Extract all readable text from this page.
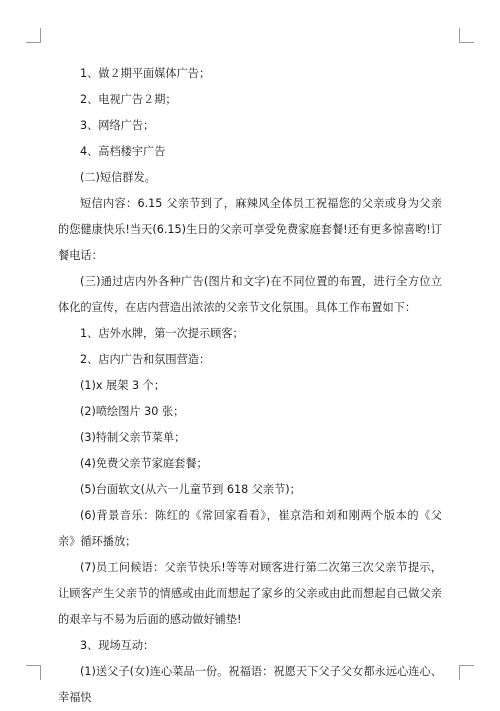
1、做２期平面媒体广告；

2、电视广告２期；

3、网络广告；

4、高档楼宇广告

(二)短信群发。

短信内容：6.15 父亲节到了，麻辣风全体员工祝福您的父亲或身为父亲的您健康快乐!当天(6.15)生日的父亲可享受免费家庭套餐!还有更多惊喜哟!订餐电话：

(三)通过店内外各种广告(图片和文字)在不同位置的布置，进行全方位立体化的宣传，在店内营造出浓浓的父亲节文化氛围。具体工作布置如下：

1、店外水牌，第一次提示顾客；

2、店内广告和氛围营造：

(1)x 展架 3 个；

(2)喷绘图片 30 张；

(3)特制父亲节菜单；

(4)免费父亲节家庭套餐；

(5)台面软文(从六一儿童节到 618 父亲节)；

(6)背景音乐：陈红的《常回家看看》，崔京浩和刘和刚两个版本的《父亲》循环播放；

(7)员工问候语：父亲节快乐!等等对顾客进行第二次第三次父亲节提示，让顾客产生父亲节的情感或由此而想起了家乡的父亲或由此而想起自己做父亲的艰辛与不易为后面的感动做好铺垫!

3、现场互动：

(1)送父子(女)连心菜品一份。祝福语：祝愿天下父子父女都永远心连心、幸福快
